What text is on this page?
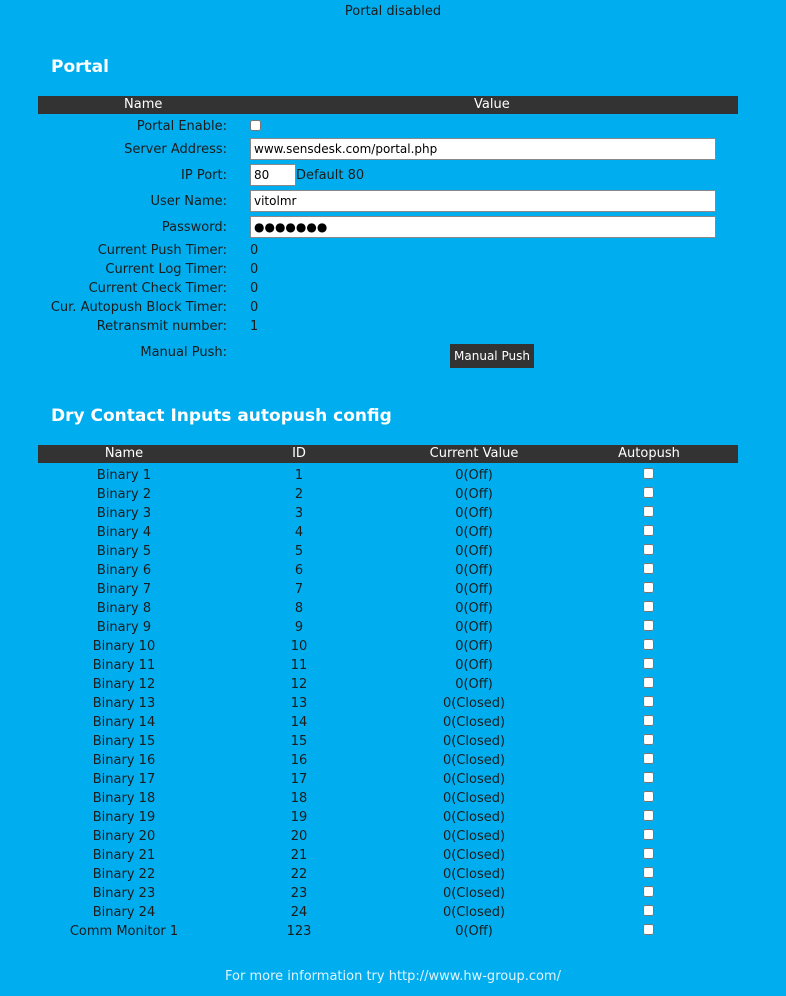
Portal disabled
Portal
Name	Value
Portal Enable:
Server Address:
www.sensdesk.com/portal.php
IP Port:
80	Default 80
User Name:
vitolmr
Password:
●●●●●●●
Current Push Timer: 0
Current Log Timer: 0
Current Check Timer: 0
Cur. Autopush Block Timer: 0
Retransmit number: 1
Manual Push:	Manual Push
Dry Contact Inputs autopush config
Name	ID	Current Value	Autopush
Binary 1	1	0(Off)
Binary 2	2	0(Off)
Binary 3	3	0(Off)
Binary 4	4	0(Off)
Binary 5	5	0(Off)
Binary 6	6	0(Off)
Binary 7	7	0(Off)
Binary 8	8	0(Off)
Binary 9	9	0(Off)
Binary 10	10	0(Off)
Binary 11	11	0(Off)
Binary 12	12	0(Off)
Binary 13	13	0(Closed)
Binary 14	14	0(Closed)
Binary 15	15	0(Closed)
Binary 16	16	0(Closed)
Binary 17	17	0(Closed)
Binary 18	18	0(Closed)
Binary 19	19	0(Closed)
Binary 20	20	0(Closed)
Binary 21	21	0(Closed)
Binary 22	22	0(Closed)
Binary 23	23	0(Closed)
Binary 24	24	0(Closed)
Comm Monitor 1	123	0(Off)
For more information try http://www.hw-group.com/
